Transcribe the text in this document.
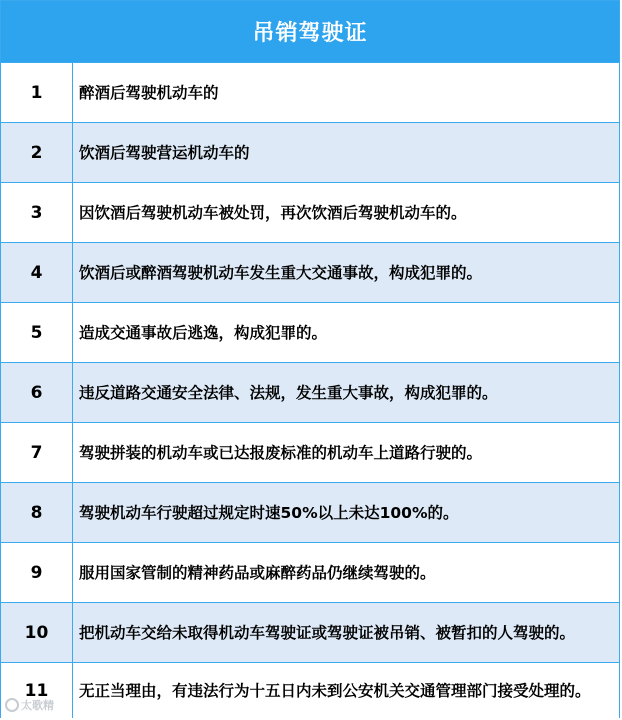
吊销驾驶证
1	醉酒后驾驶机动车的
2	饮酒后驾驶营运机动车的
3	因饮酒后驾驶机动车被处罚，再次饮酒后驾驶机动车的。
4	饮酒后或醉酒驾驶机动车发生重大交通事故，构成犯罪的。
5	造成交通事故后逃逸，构成犯罪的。
6	违反道路交通安全法律、法规，发生重大事故，构成犯罪的。
7	驾驶拼装的机动车或已达报废标准的机动车上道路行驶的。
8	驾驶机动车行驶超过规定时速50%以上未达100%的。
9	服用国家管制的精神药品或麻醉药品仍继续驾驶的。
10	把机动车交给未取得机动车驾驶证或驾驶证被吊销、被暂扣的人驾驶的。
11	无正当理由，有违法行为十五日内未到公安机关交通管理部门接受处理的。
太歌精
